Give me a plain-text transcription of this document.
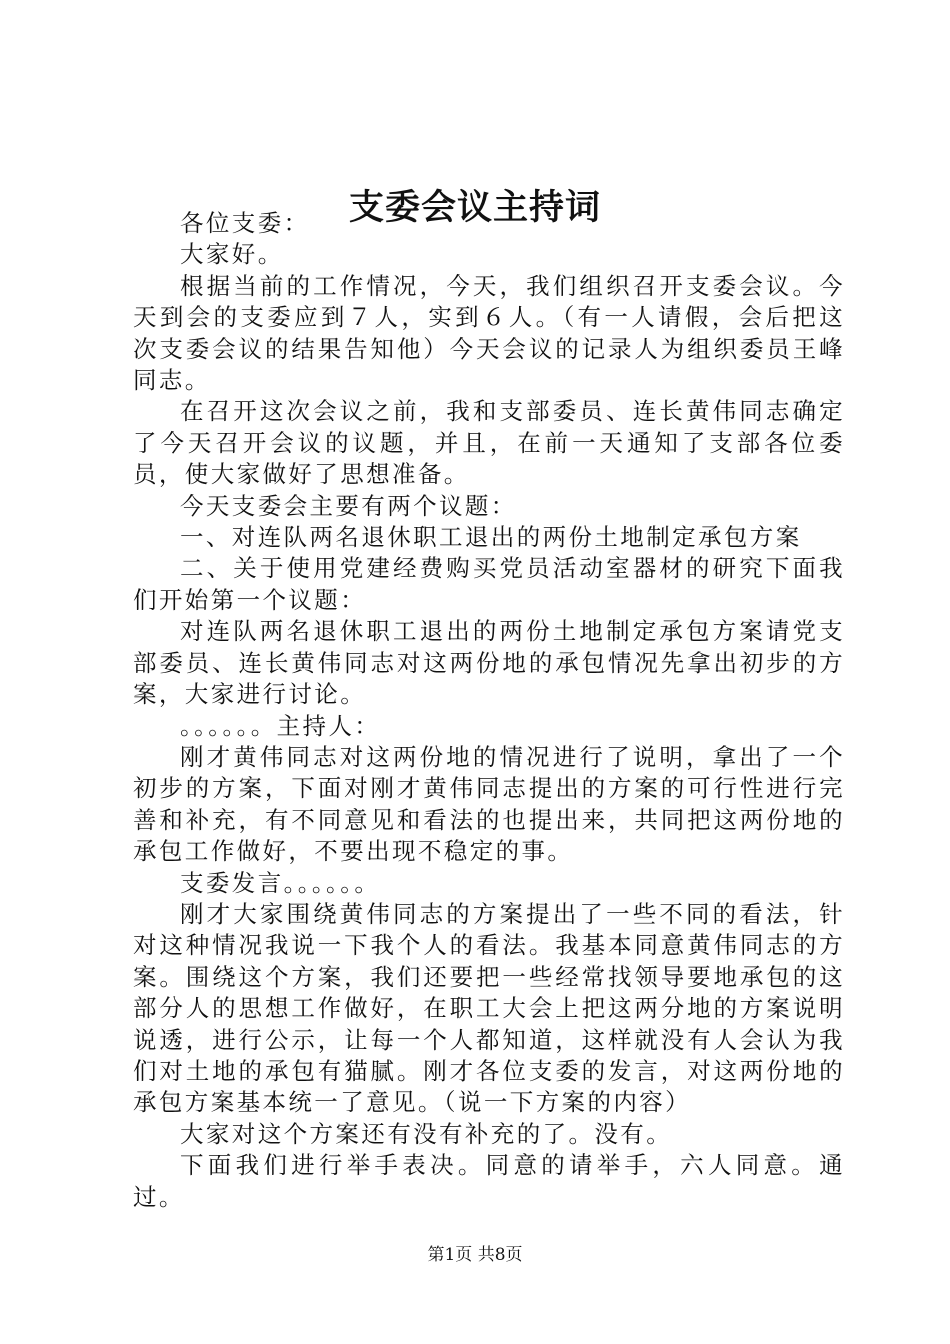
支委会议主持词

各位支委：

大家好。

根据当前的工作情况，今天，我们组织召开支委会议。今天到会的支委应到７人，实到６人。（有一人请假，会后把这次支委会议的结果告知他）今天会议的记录人为组织委员王峰同志。

在召开这次会议之前，我和支部委员、连长黄伟同志确定了今天召开会议的议题，并且，在前一天通知了支部各位委员，使大家做好了思想准备。

今天支委会主要有两个议题：

一、对连队两名退休职工退出的两份土地制定承包方案

二、关于使用党建经费购买党员活动室器材的研究下面我们开始第一个议题：

对连队两名退休职工退出的两份土地制定承包方案请党支部委员、连长黄伟同志对这两份地的承包情况先拿出初步的方案，大家进行讨论。

。。。。。。主持人：

刚才黄伟同志对这两份地的情况进行了说明，拿出了一个初步的方案，下面对刚才黄伟同志提出的方案的可行性进行完善和补充，有不同意见和看法的也提出来，共同把这两份地的承包工作做好，不要出现不稳定的事。

支委发言。。。。。。

刚才大家围绕黄伟同志的方案提出了一些不同的看法，针对这种情况我说一下我个人的看法。我基本同意黄伟同志的方案。围绕这个方案，我们还要把一些经常找领导要地承包的这部分人的思想工作做好，在职工大会上把这两分地的方案说明说透，进行公示，让每一个人都知道，这样就没有人会认为我们对土地的承包有猫腻。刚才各位支委的发言，对这两份地的承包方案基本统一了意见。（说一下方案的内容）

大家对这个方案还有没有补充的了。没有。

下面我们进行举手表决。同意的请举手，六人同意。通过。

第1页 共8页
